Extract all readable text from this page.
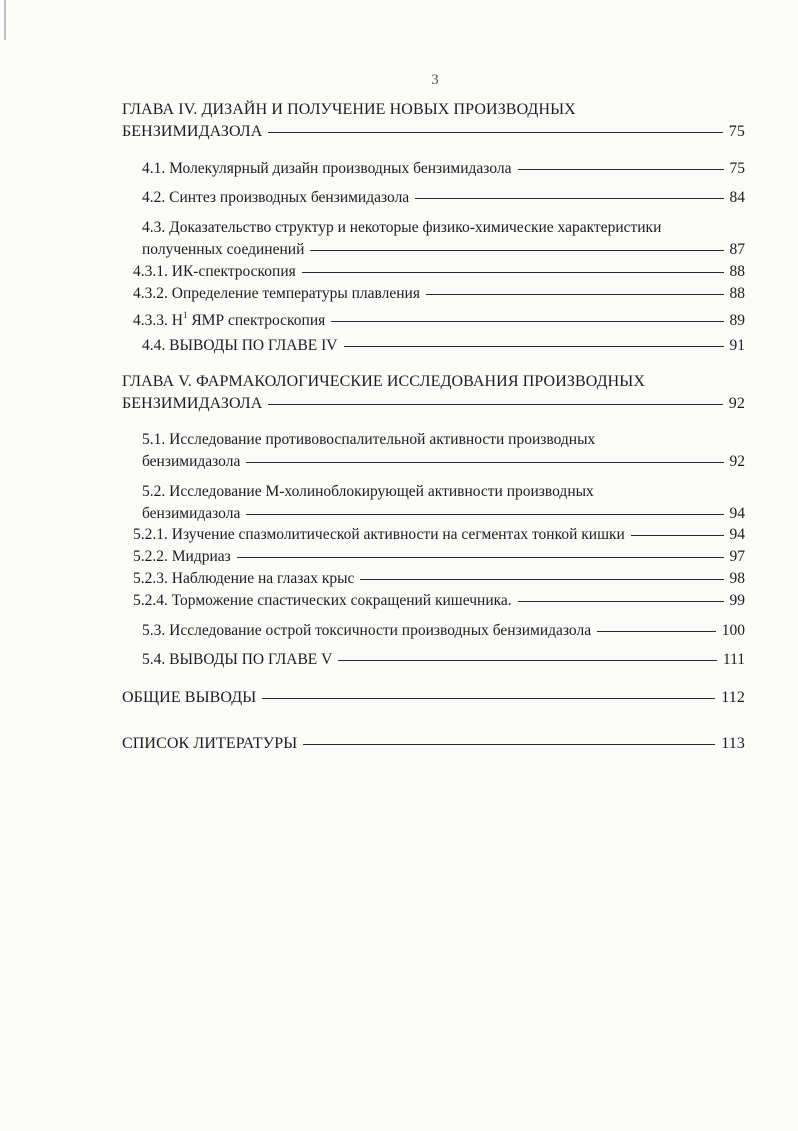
3
ГЛАВА IV. ДИЗАЙН И ПОЛУЧЕНИЕ НОВЫХ ПРОИЗВОДНЫХ
БЕНЗИМИДАЗОЛА	75
4.1. Молекулярный дизайн производных бензимидазола	75
4.2. Синтез производных бензимидазола	84
4.3. Доказательство структур и некоторые физико-химические характеристики
полученных соединений	87
4.3.1. ИК-спектроскопия	88
4.3.2. Определение температуры плавления	88
4.3.3. $Н^1$ ЯМР спектроскопия	89
4.4. ВЫВОДЫ ПО ГЛАВЕ IV	91
ГЛАВА V. ФАРМАКОЛОГИЧЕСКИЕ ИССЛЕДОВАНИЯ ПРОИЗВОДНЫХ
БЕНЗИМИДАЗОЛА	92
5.1. Исследование противовоспалительной активности производных
бензимидазола	92
5.2. Исследование М-холиноблокирующей активности производных
бензимидазола	94
5.2.1. Изучение спазмолитической активности на сегментах тонкой кишки	94
5.2.2. Мидриаз	97
5.2.3. Наблюдение на глазах крыс	98
5.2.4. Торможение спастических сокращений кишечника.	99
5.3. Исследование острой токсичности производных бензимидазола	100
5.4. ВЫВОДЫ ПО ГЛАВЕ V	111
ОБЩИЕ ВЫВОДЫ	112
СПИСОК ЛИТЕРАТУРЫ	113
